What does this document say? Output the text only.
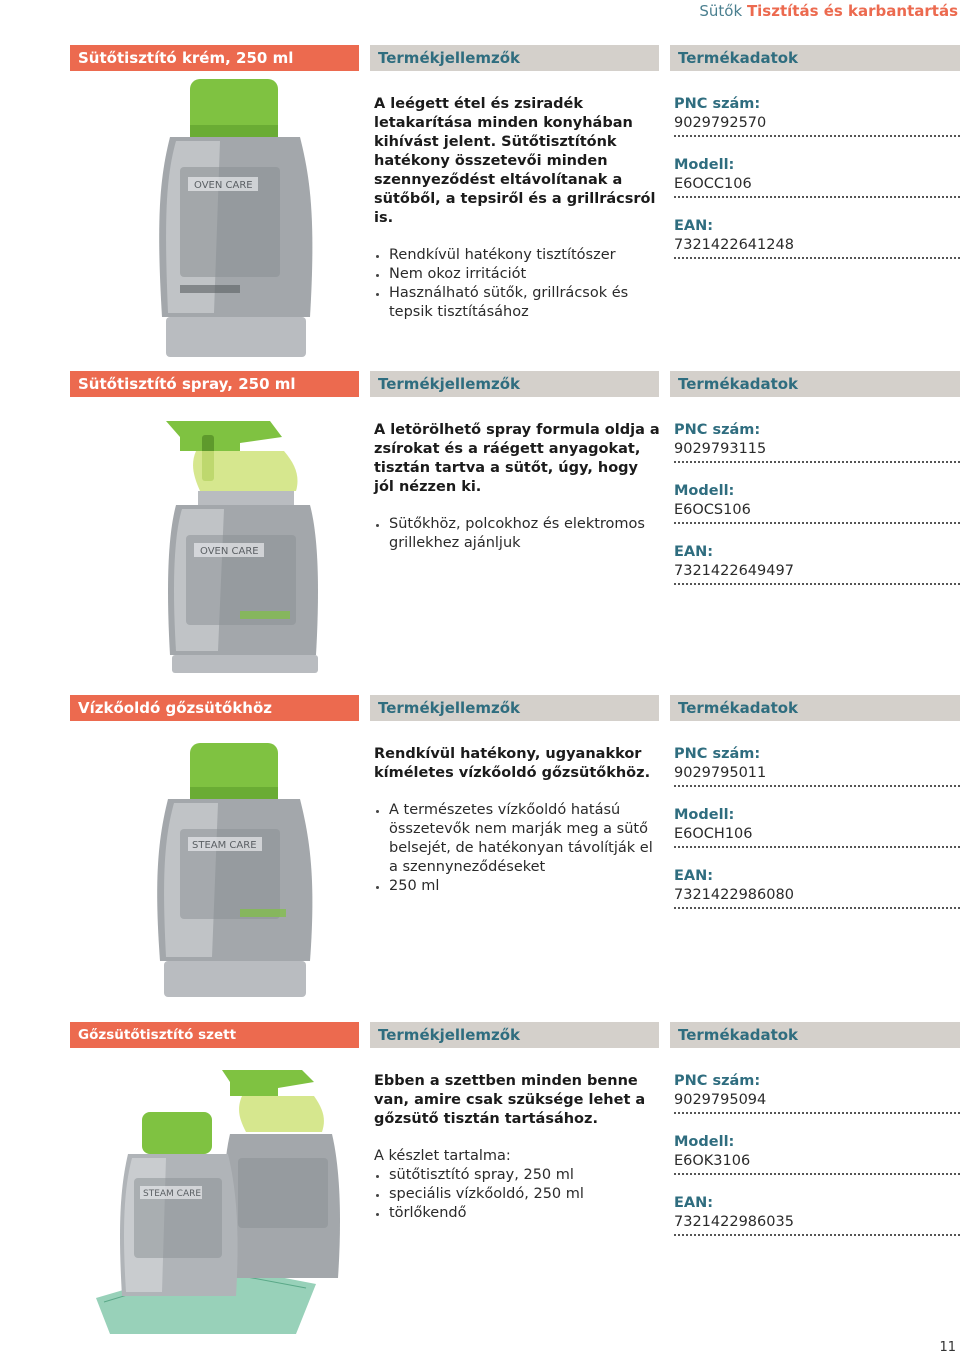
Sütők Tisztítás és karbantartás
Sütőtisztító krém, 250 ml	Termékjellemzők	Termékadatok
OVEN CARE

A leégett étel és zsiradék letakarítása minden konyhában kihívást jelent. Sütőtisztítónk hatékony összetevői minden szennyeződést eltávolítanak a sütőből, a tepsiről és a grillrácsról is.

Rendkívül hatékony tisztítószer
Nem okoz irritációt
Használható sütők, grillrácsok és tepsik tisztításához
PNC szám:
9029792570
Modell:
E6OCC106
EAN:
7321422641248
Sütőtisztító spray, 250 ml	Termékjellemzők	Termékadatok
OVEN CARE

A letörölhető spray formula oldja a zsírokat és a ráégett anyagokat, tisztán tartva a sütőt, úgy, hogy jól nézzen ki.

Sütőkhöz, polcokhoz és elektromos grillekhez ajánljuk
PNC szám:
9029793115
Modell:
E6OCS106
EAN:
7321422649497
Vízkőoldó gőzsütőkhöz	Termékjellemzők	Termékadatok
STEAM CARE

Rendkívül hatékony, ugyanakkor kíméletes vízkőoldó gőzsütőkhöz.

A természetes vízkőoldó hatású összetevők nem marják meg a sütő belsejét, de hatékonyan távolítják el a szennyneződéseket
250 ml
PNC szám:
9029795011
Modell:
E6OCH106
EAN:
7321422986080
Gőzsütőtisztító szett	Termékjellemzők	Termékadatok
STEAM CARE

Ebben a szettben minden benne van, amire csak szüksége lehet a gőzsütő tisztán tartásához.

A készlet tartalma:

sütőtisztító spray, 250 ml
speciális vízkőoldó, 250 ml
törlőkendő
PNC szám:
9029795094
Modell:
E6OK3106
EAN:
7321422986035
11
